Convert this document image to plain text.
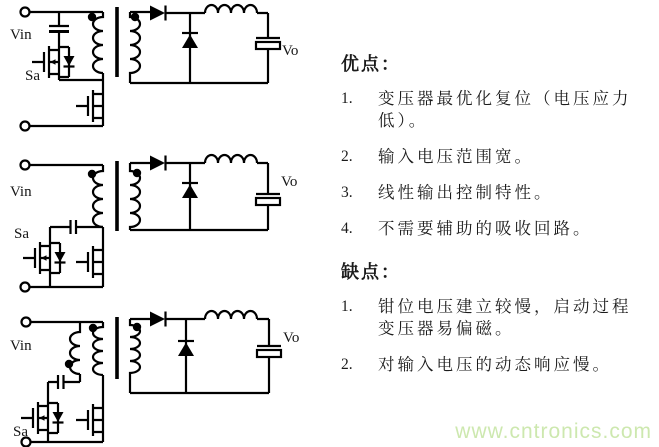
Vin
Sa
Vo
Vin
Sa
Vo
Vin
Sa
Vo
优点：
1.	变压器最优化复位（电压应力低）。
2.	输入电压范围宽。
3.	线性输出控制特性。
4.	不需要辅助的吸收回路。
缺点：
1.	钳位电压建立较慢，启动过程变压器易偏磁。
2.	对输入电压的动态响应慢。
www.cntronics.com
